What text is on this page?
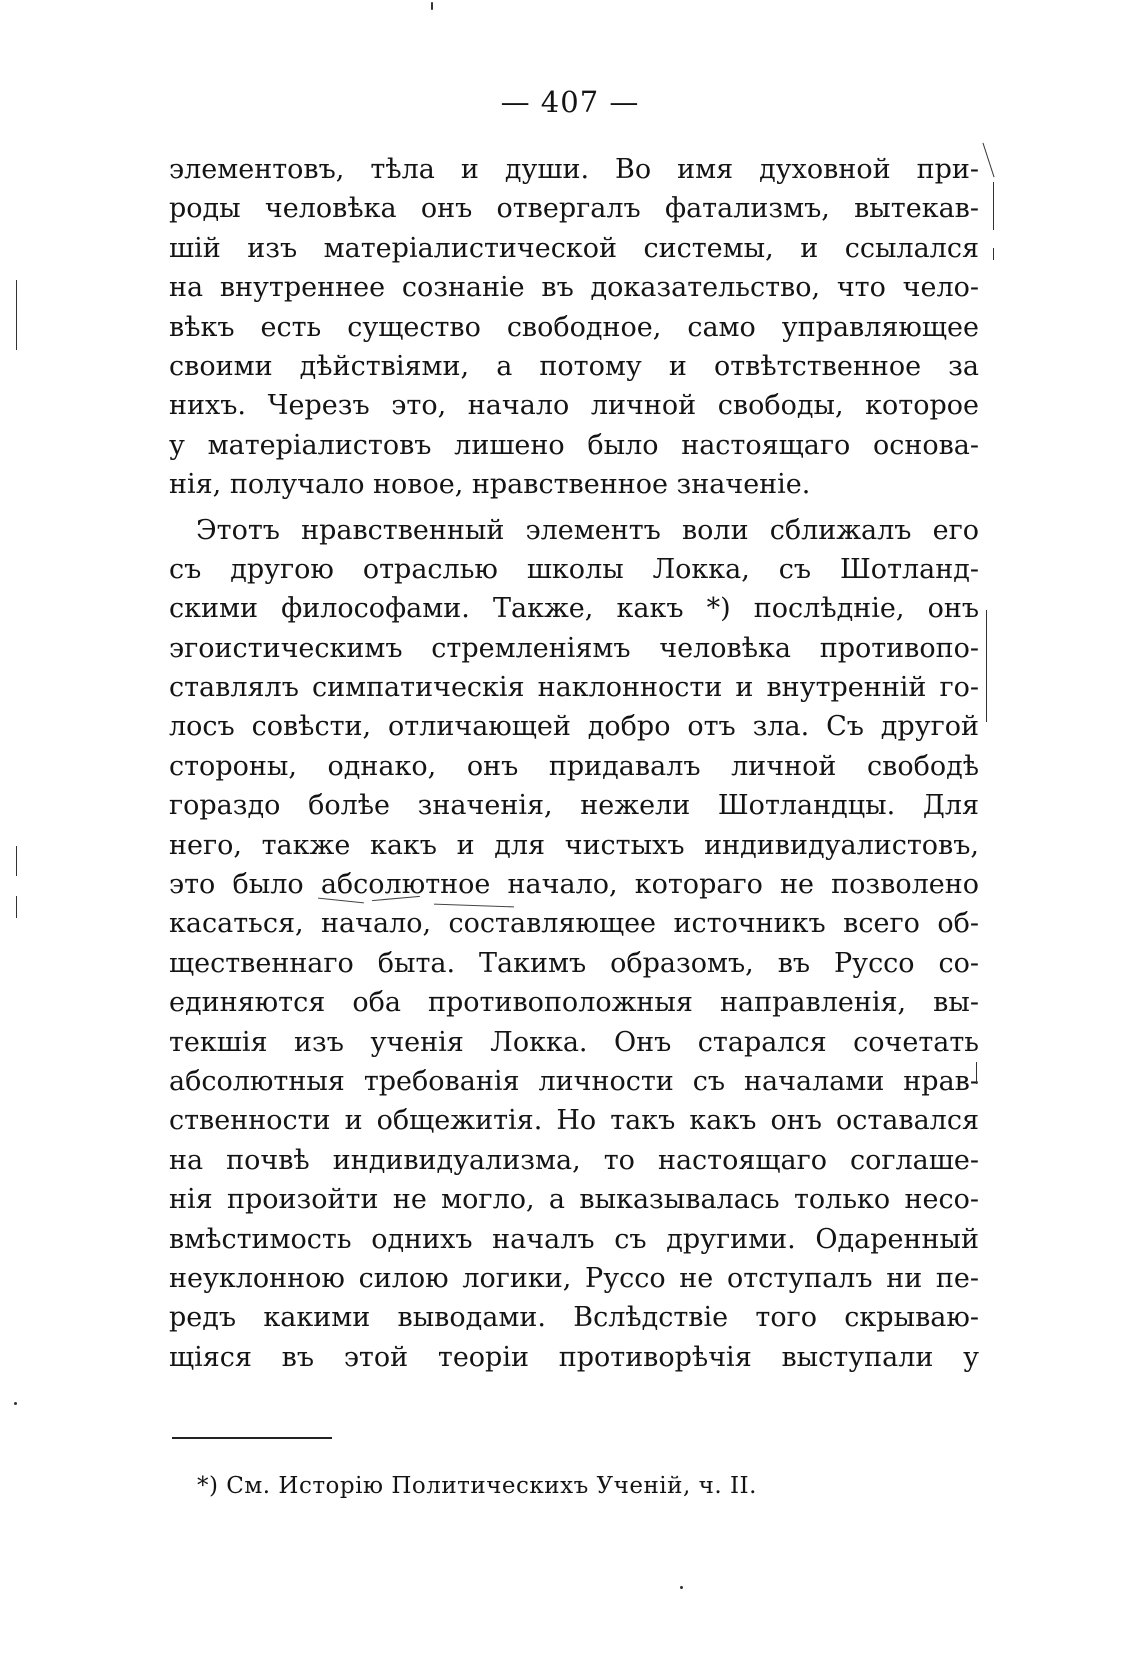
— 407 —
элементовъ, тѣла и души. Во имя духовной при-
роды человѣка онъ отвергалъ фатализмъ, вытекав-
шій изъ матеріалистической системы, и ссылался
на внутреннее сознаніе въ доказательство, что чело-
вѣкъ есть существо свободное, само управляющее
своими дѣйствіями, а потому и отвѣтственное за
нихъ. Черезъ это, начало личной свободы, которое
у матеріалистовъ лишено было настоящаго основа-
нія, получало новое, нравственное значеніе.
Этотъ нравственный элементъ воли сближалъ его
съ другою отраслью школы Локка, съ Шотланд-
скими философами. Также, какъ *) послѣдніе, онъ
эгоистическимъ стремленіямъ человѣка противопо-
ставлялъ симпатическія наклонности и внутренній го-
лосъ совѣсти, отличающей добро отъ зла. Съ другой
стороны, однако, онъ придавалъ личной свободѣ
гораздо болѣе значенія, нежели Шотландцы. Для
него, также какъ и для чистыхъ индивидуалистовъ,
это было абсолютное начало, котораго не позволено
касаться, начало, составляющее источникъ всего об-
щественнаго быта. Такимъ образомъ, въ Руссо со-
единяются оба противоположныя направленія, вы-
текшія изъ ученія Локка. Онъ старался сочетать
абсолютныя требованія личности съ началами нрав-
ственности и общежитія. Но такъ какъ онъ оставался
на почвѣ индивидуализма, то настоящаго соглаше-
нія произойти не могло, а выказывалась только несо-
вмѣстимость однихъ началъ съ другими. Одаренный
неуклонною силою логики, Руссо не отступалъ ни пе-
редъ какими выводами. Вслѣдствіе того скрываю-
щіяся въ этой теоріи противорѣчія выступали у
*) См. Исторію Политическихъ Ученій, ч. II.
